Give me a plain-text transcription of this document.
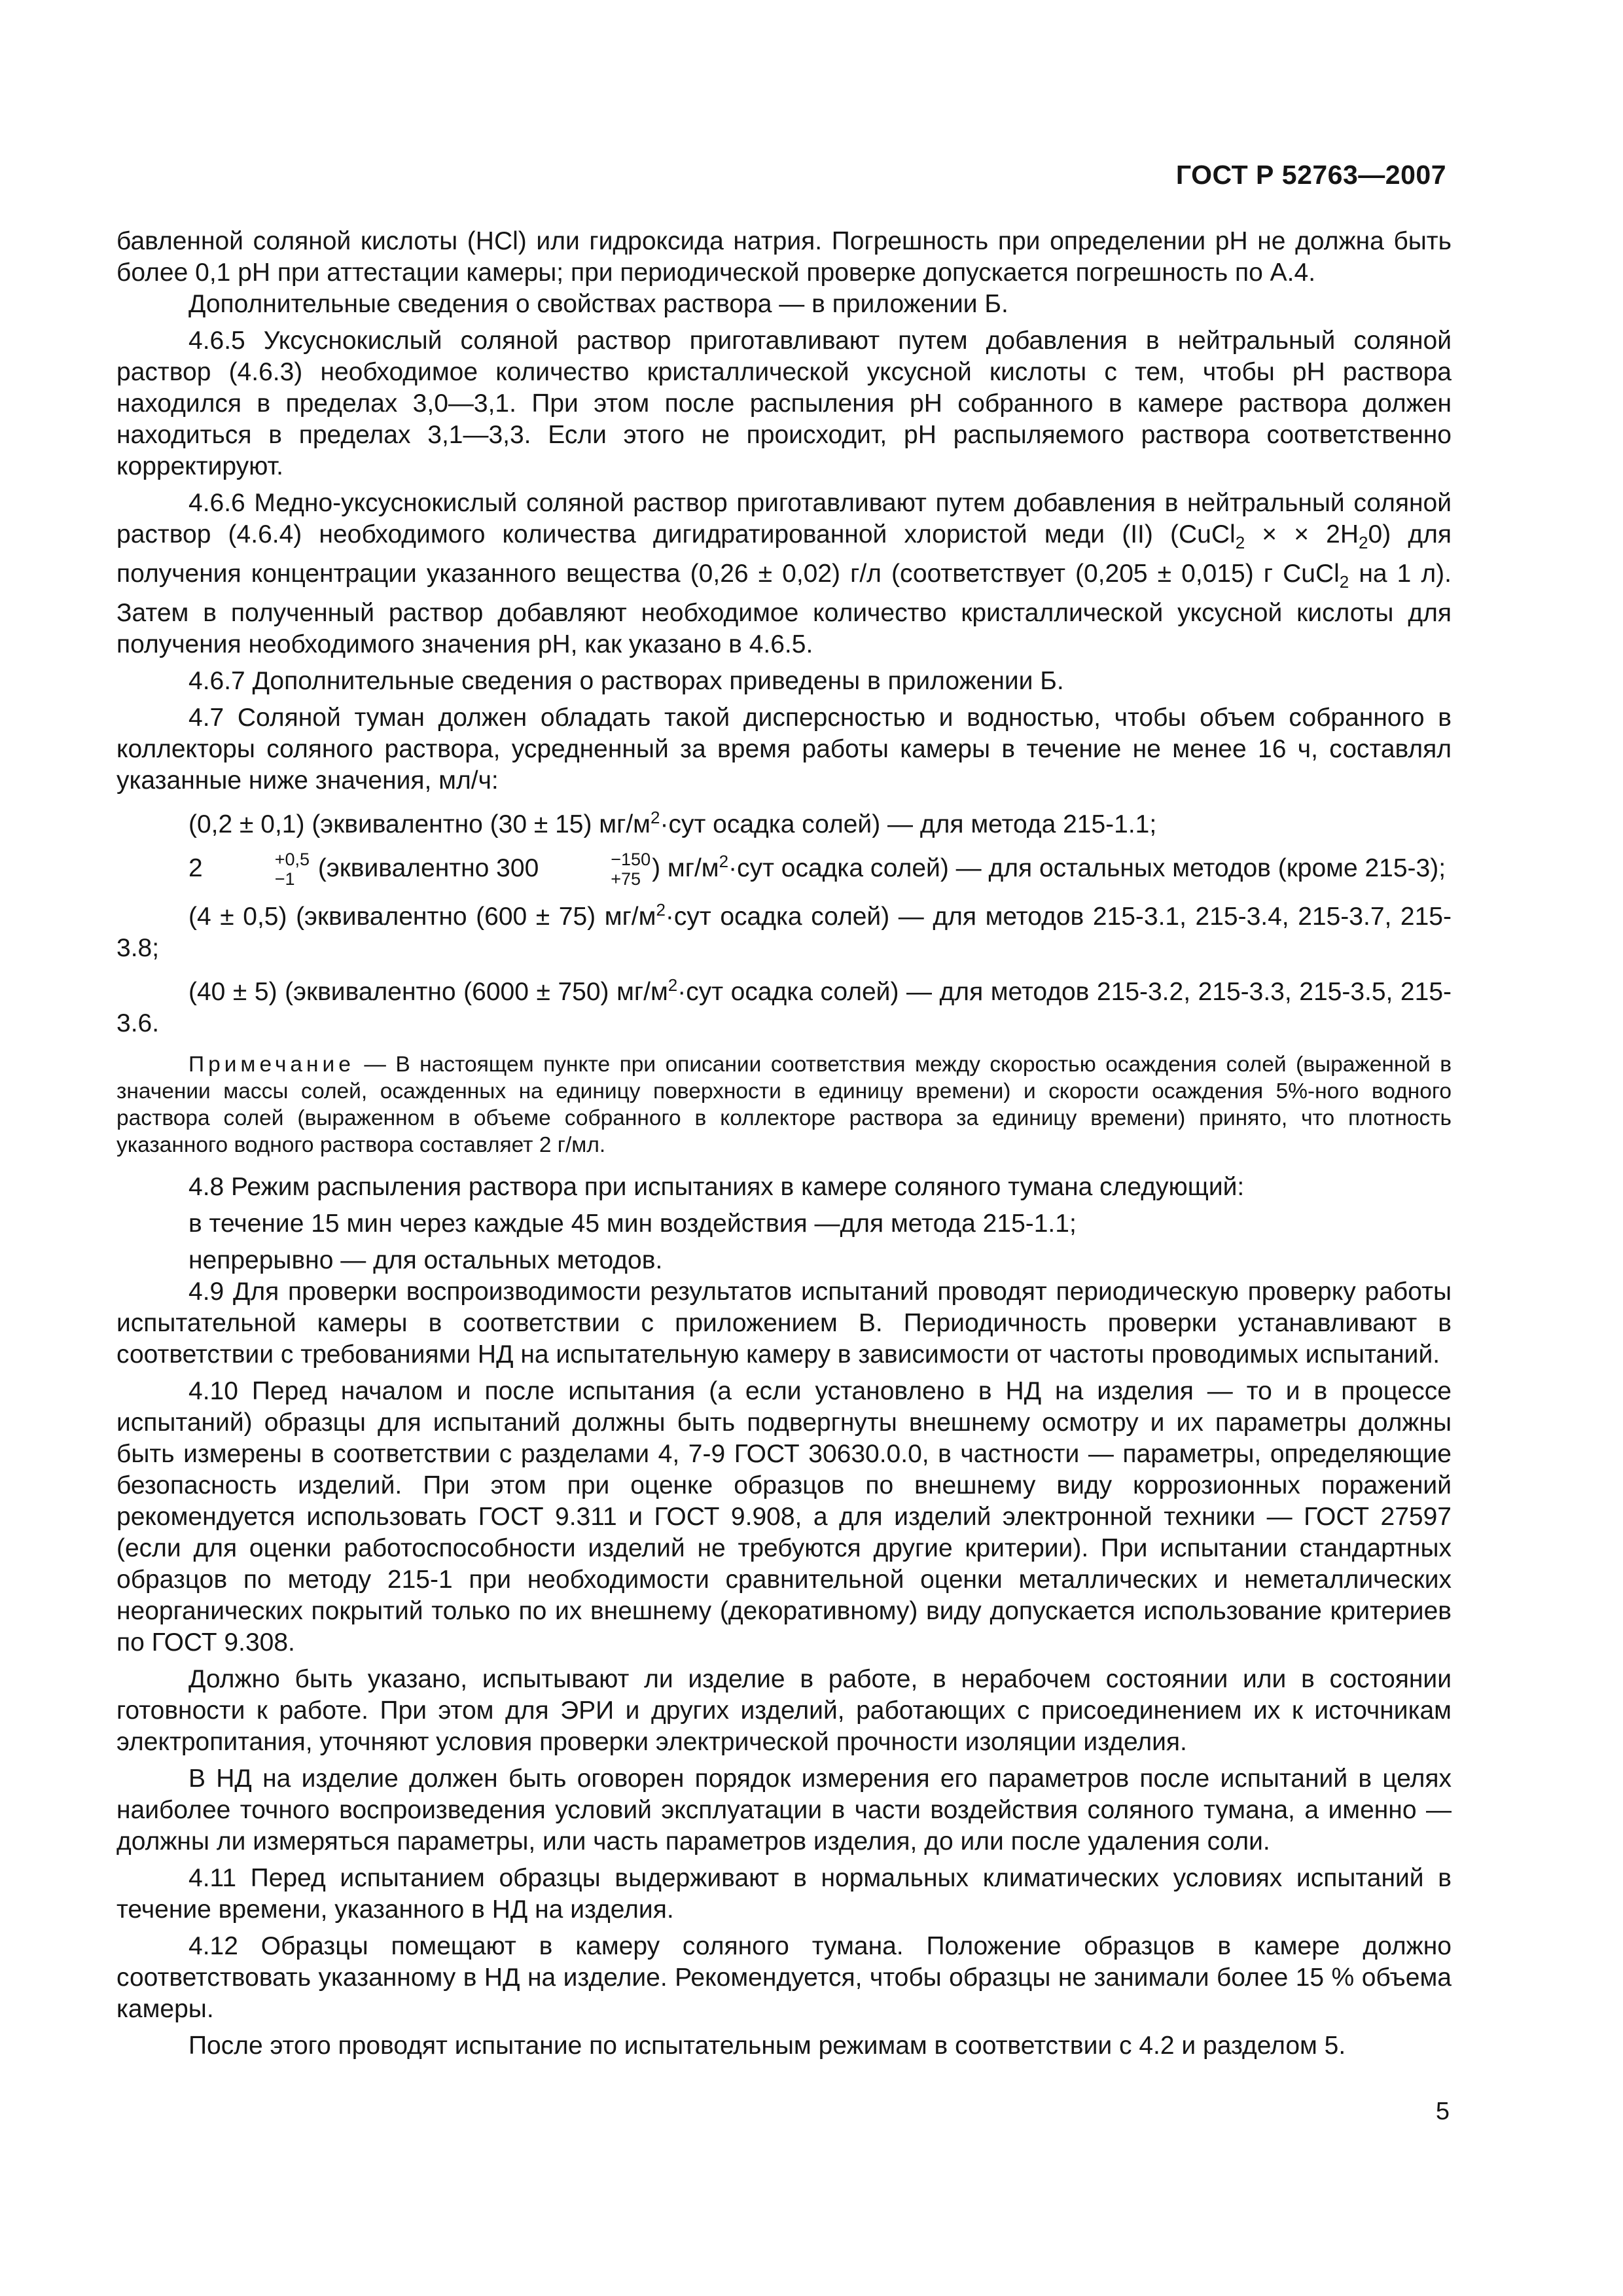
ГОСТ Р 52763—2007

бавленной соляной кислоты (HCl) или гидроксида натрия. Погрешность при определении pH не должна быть более 0,1 pH при аттестации камеры; при периодической проверке допускается погрешность по А.4.

Дополнительные сведения о свойствах раствора — в приложении Б.

4.6.5 Уксуснокислый соляной раствор приготавливают путем добавления в нейтральный соляной раствор (4.6.3) необходимое количество кристаллической уксусной кислоты с тем, чтобы pH раствора находился в пределах 3,0—3,1. При этом после распыления pH собранного в камере раствора должен находиться в пределах 3,1—3,3. Если этого не происходит, pH распыляемого раствора соответственно корректируют.

4.6.6 Медно-уксуснокислый соляной раствор приготавливают путем добавления в нейтральный соляной раствор (4.6.4) необходимого количества дигидратированной хлористой меди (II) (CuCl$_2$ × × $2H_20$) для получения концентрации указанного вещества (0,26 ± 0,02) г/л (соответствует (0,205 ± 0,015) г CuCl$_2$ на 1 л). Затем в полученный раствор добавляют необходимое количество кристаллической уксусной кислоты для получения необходимого значения pH, как указано в 4.6.5.

4.6.7 Дополнительные сведения о растворах приведены в приложении Б.

4.7 Соляной туман должен обладать такой дисперсностью и водностью, чтобы объем собранного в коллекторы соляного раствора, усредненный за время работы камеры в течение не менее 16 ч, составлял указанные ниже значения, мл/ч:

(0,2 ± 0,1) (эквивалентно (30 ± 15) $мг/м^2\cdot сут$ осадка солей) — для метода 215-1.1;

2	+0,5
−1 (эквивалентно 300	−150
+75 ) $мг/м^2\cdot сут$ осадка солей) — для остальных методов (кроме 215-3);

(4 ± 0,5) (эквивалентно (600 ± 75) $мг/м^2\cdot сут$ осадка солей) — для методов 215-3.1, 215-3.4, 215-3.7, 215-3.8;

(40 ± 5) (эквивалентно (6000 ± 750) $мг/м^2\cdot сут$ осадка солей) — для методов 215-3.2, 215-3.3, 215-3.5, 215-3.6.

Примечание — В настоящем пункте при описании соответствия между скоростью осаждения солей (выраженной в значении массы солей, осажденных на единицу поверхности в единицу времени) и скорости осаждения 5%-ного водного раствора солей (выраженном в объеме собранного в коллекторе раствора за единицу времени) принято, что плотность указанного водного раствора составляет 2 г/мл.

4.8 Режим распыления раствора при испытаниях в камере соляного тумана следующий:

в течение 15 мин через каждые 45 мин воздействия —для метода 215-1.1;

непрерывно — для остальных методов.

4.9 Для проверки воспроизводимости результатов испытаний проводят периодическую проверку работы испытательной камеры в соответствии с приложением В. Периодичность проверки устанавливают в соответствии с требованиями НД на испытательную камеру в зависимости от частоты проводимых испытаний.

4.10 Перед началом и после испытания (а если установлено в НД на изделия — то и в процессе испытаний) образцы для испытаний должны быть подвергнуты внешнему осмотру и их параметры должны быть измерены в соответствии с разделами 4, 7-9 ГОСТ 30630.0.0, в частности — параметры, определяющие безопасность изделий. При этом при оценке образцов по внешнему виду коррозионных поражений рекомендуется использовать ГОСТ 9.311 и ГОСТ 9.908, а для изделий электронной техники — ГОСТ 27597 (если для оценки работоспособности изделий не требуются другие критерии). При испытании стандартных образцов по методу 215-1 при необходимости сравнительной оценки металлических и неметаллических неорганических покрытий только по их внешнему (декоративному) виду допускается использование критериев по ГОСТ 9.308.

Должно быть указано, испытывают ли изделие в работе, в нерабочем состоянии или в состоянии готовности к работе. При этом для ЭРИ и других изделий, работающих с присоединением их к источникам электропитания, уточняют условия проверки электрической прочности изоляции изделия.

В НД на изделие должен быть оговорен порядок измерения его параметров после испытаний в целях наиболее точного воспроизведения условий эксплуатации в части воздействия соляного тумана, а именно — должны ли измеряться параметры, или часть параметров изделия, до или после удаления соли.

4.11 Перед испытанием образцы выдерживают в нормальных климатических условиях испытаний в течение времени, указанного в НД на изделия.

4.12 Образцы помещают в камеру соляного тумана. Положение образцов в камере должно соответствовать указанному в НД на изделие. Рекомендуется, чтобы образцы не занимали более 15 % объема камеры.

После этого проводят испытание по испытательным режимам в соответствии с 4.2 и разделом 5.

5
